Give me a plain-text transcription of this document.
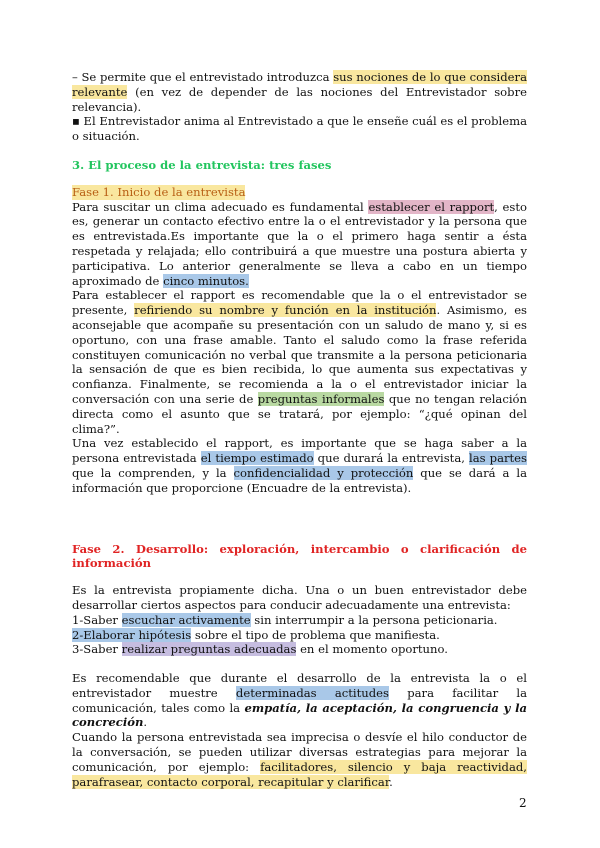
– Se permite que el entrevistado introduzca sus nociones de lo que considera relevante (en vez de depender de las nociones del Entrevistador sobre relevancia).

▪ El Entrevistador anima al Entrevistado a que le enseñe cuál es el problema o situación.

3. El proceso de la entrevista: tres fases

Fase 1. Inicio de la entrevista

Para suscitar un clima adecuado es fundamental establecer el rapport, esto es, generar un contacto efectivo entre la o el entrevistador y la persona que es entrevistada.Es importante que la o el primero haga sentir a ésta respetada y relajada; ello contribuirá a que muestre una postura abierta y participativa. Lo anterior generalmente se lleva a cabo en un tiempo aproximado de cinco minutos.

Para establecer el rapport es recomendable que la o el entrevistador se presente, refiriendo su nombre y función en la institución. Asimismo, es aconsejable que acompañe su presentación con un saludo de mano y, si es oportuno, con una frase amable. Tanto el saludo como la frase referida constituyen comunicación no verbal que transmite a la persona peticionaria la sensación de que es bien recibida, lo que aumenta sus expectativas y confianza. Finalmente, se recomienda a la o el entrevistador iniciar la conversación con una serie de preguntas informales que no tengan relación directa como el asunto que se tratará, por ejemplo: “¿qué opinan del clima?”.

Una vez establecido el rapport, es importante que se haga saber a la persona entrevistada el tiempo estimado que durará la entrevista, las partes que la comprenden, y la confidencialidad y protección que se dará a la información que proporcione (Encuadre de la entrevista).

Fase 2. Desarrollo: exploración, intercambio o clarificación de información

Es la entrevista propiamente dicha. Una o un buen entrevistador debe desarrollar ciertos aspectos para conducir adecuadamente una entrevista:

1-Saber escuchar activamente sin interrumpir a la persona peticionaria.

2-Elaborar hipótesis sobre el tipo de problema que manifiesta.

3-Saber realizar preguntas adecuadas en el momento oportuno.

Es recomendable que durante el desarrollo de la entrevista la o el entrevistador muestre determinadas actitudes para facilitar la comunicación, tales como la empatía, la aceptación, la congruencia y la concreción.

Cuando la persona entrevistada sea imprecisa o desvíe el hilo conductor de la conversación, se pueden utilizar diversas estrategias para mejorar la comunicación, por ejemplo: facilitadores, silencio y baja reactividad, parafrasear, contacto corporal, recapitular y clarificar.

2
